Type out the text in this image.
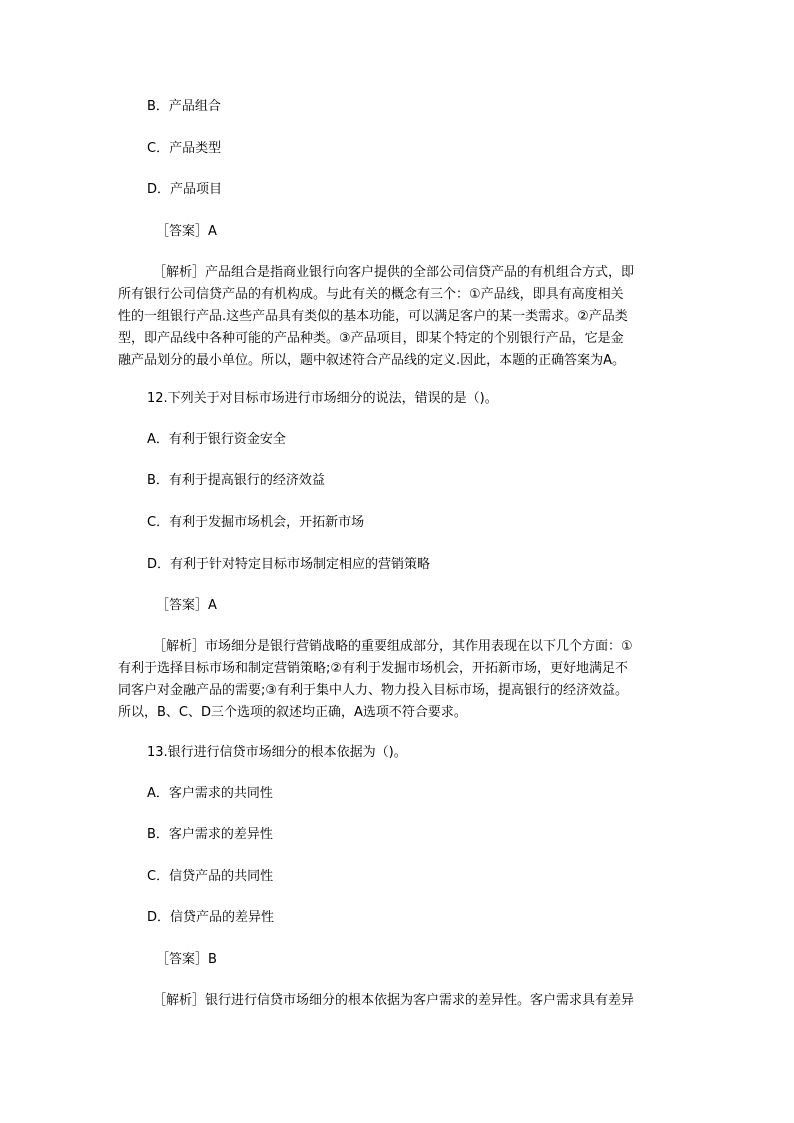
B．产品组合
C．产品类型
D．产品项目
［答案］A
［解析］产品组合是指商业银行向客户提供的全部公司信贷产品的有机组合方式，即
所有银行公司信贷产品的有机构成。与此有关的概念有三个：①产品线，即具有高度相关
性的一组银行产品.这些产品具有类似的基本功能，可以满足客户的某一类需求。②产品类
型，即产品线中各种可能的产品种类。③产品项目，即某个特定的个别银行产品，它是金
融产品划分的最小单位。所以，题中叙述符合产品线的定义.因此，本题的正确答案为A。
12.下列关于对目标市场进行市场细分的说法，错误的是（)。
A．有利于银行资金安全
B．有利于提高银行的经济效益
C．有利于发掘市场机会，开拓新市场
D．有利于针对特定目标市场制定相应的营销策略
［答案］A
［解析］市场细分是银行营销战略的重要组成部分，其作用表现在以下几个方面：①
有利于选择目标市场和制定营销策略;②有利于发掘市场机会，开拓新市场，更好地满足不
同客户对金融产品的需要;③有利于集中人力、物力投入目标市场，提高银行的经济效益。
所以，B、C、D三个选项的叙述均正确，A选项不符合要求。
13.银行进行信贷市场细分的根本依据为（)。
A．客户需求的共同性
B．客户需求的差异性
C．信贷产品的共同性
D．信贷产品的差异性
［答案］B
［解析］银行进行信贷市场细分的根本依据为客户需求的差异性。客户需求具有差异
